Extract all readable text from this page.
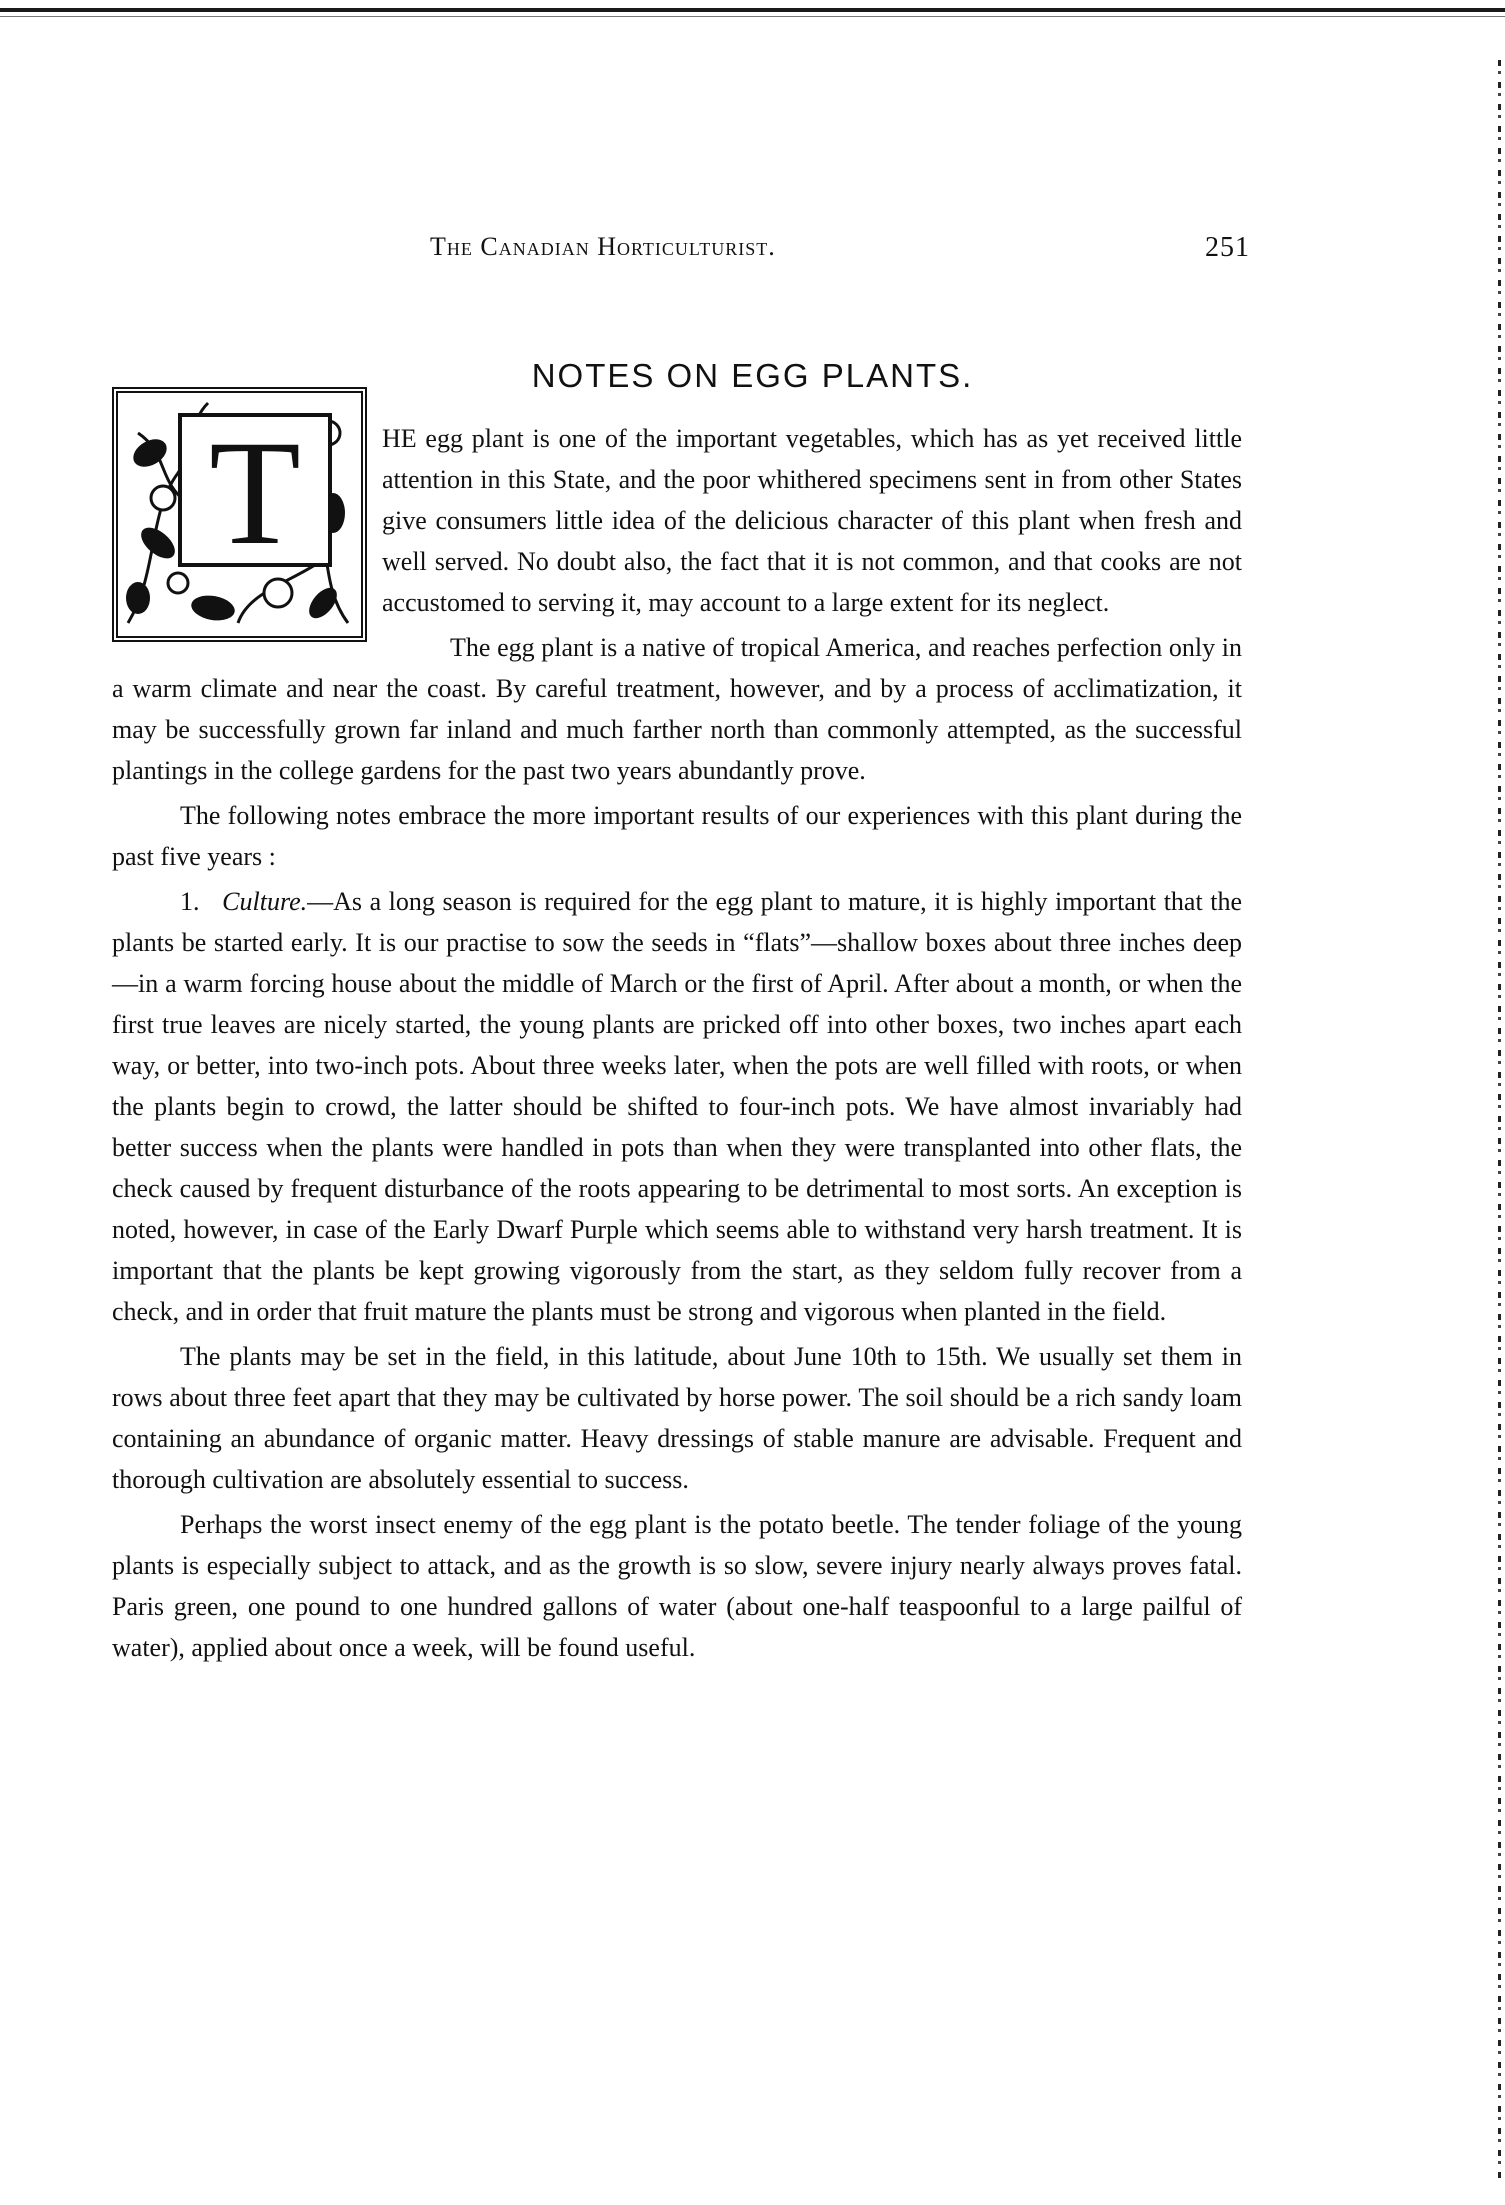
The Canadian Horticulturist.	251
NOTES ON EGG PLANTS.
T	HE egg plant is one of the important vegetables, which has as yet received little attention in this State, and the poor whithered specimens sent in from other States give consumers little idea of the delicious character of this plant when fresh and well served. No doubt also, the fact that it is not common, and that cooks are not accustomed to serving it, may account to a large extent for its neglect.

The egg plant is a native of tropical America, and reaches perfection only in a warm climate and near the coast. By careful treatment, however, and by a process of acclimatization, it may be successfully grown far inland and much farther north than commonly attempted, as the successful plantings in the college gardens for the past two years abundantly prove.

The following notes embrace the more important results of our experiences with this plant during the past five years :

1. Culture.—As a long season is required for the egg plant to mature, it is highly important that the plants be started early. It is our practise to sow the seeds in “flats”—shallow boxes about three inches deep—in a warm forcing house about the middle of March or the first of April. After about a month, or when the first true leaves are nicely started, the young plants are pricked off into other boxes, two inches apart each way, or better, into two-inch pots. About three weeks later, when the pots are well filled with roots, or when the plants begin to crowd, the latter should be shifted to four-inch pots. We have almost invariably had better success when the plants were handled in pots than when they were transplanted into other flats, the check caused by frequent disturbance of the roots appearing to be detrimental to most sorts. An exception is noted, however, in case of the Early Dwarf Purple which seems able to withstand very harsh treatment. It is important that the plants be kept growing vigorously from the start, as they seldom fully recover from a check, and in order that fruit mature the plants must be strong and vigorous when planted in the field.

The plants may be set in the field, in this latitude, about June 10th to 15th. We usually set them in rows about three feet apart that they may be cultivated by horse power. The soil should be a rich sandy loam containing an abundance of organic matter. Heavy dressings of stable manure are advisable. Frequent and thorough cultivation are absolutely essential to success.

Perhaps the worst insect enemy of the egg plant is the potato beetle. The tender foliage of the young plants is especially subject to attack, and as the growth is so slow, severe injury nearly always proves fatal. Paris green, one pound to one hundred gallons of water (about one-half teaspoonful to a large pailful of water), applied about once a week, will be found useful.
